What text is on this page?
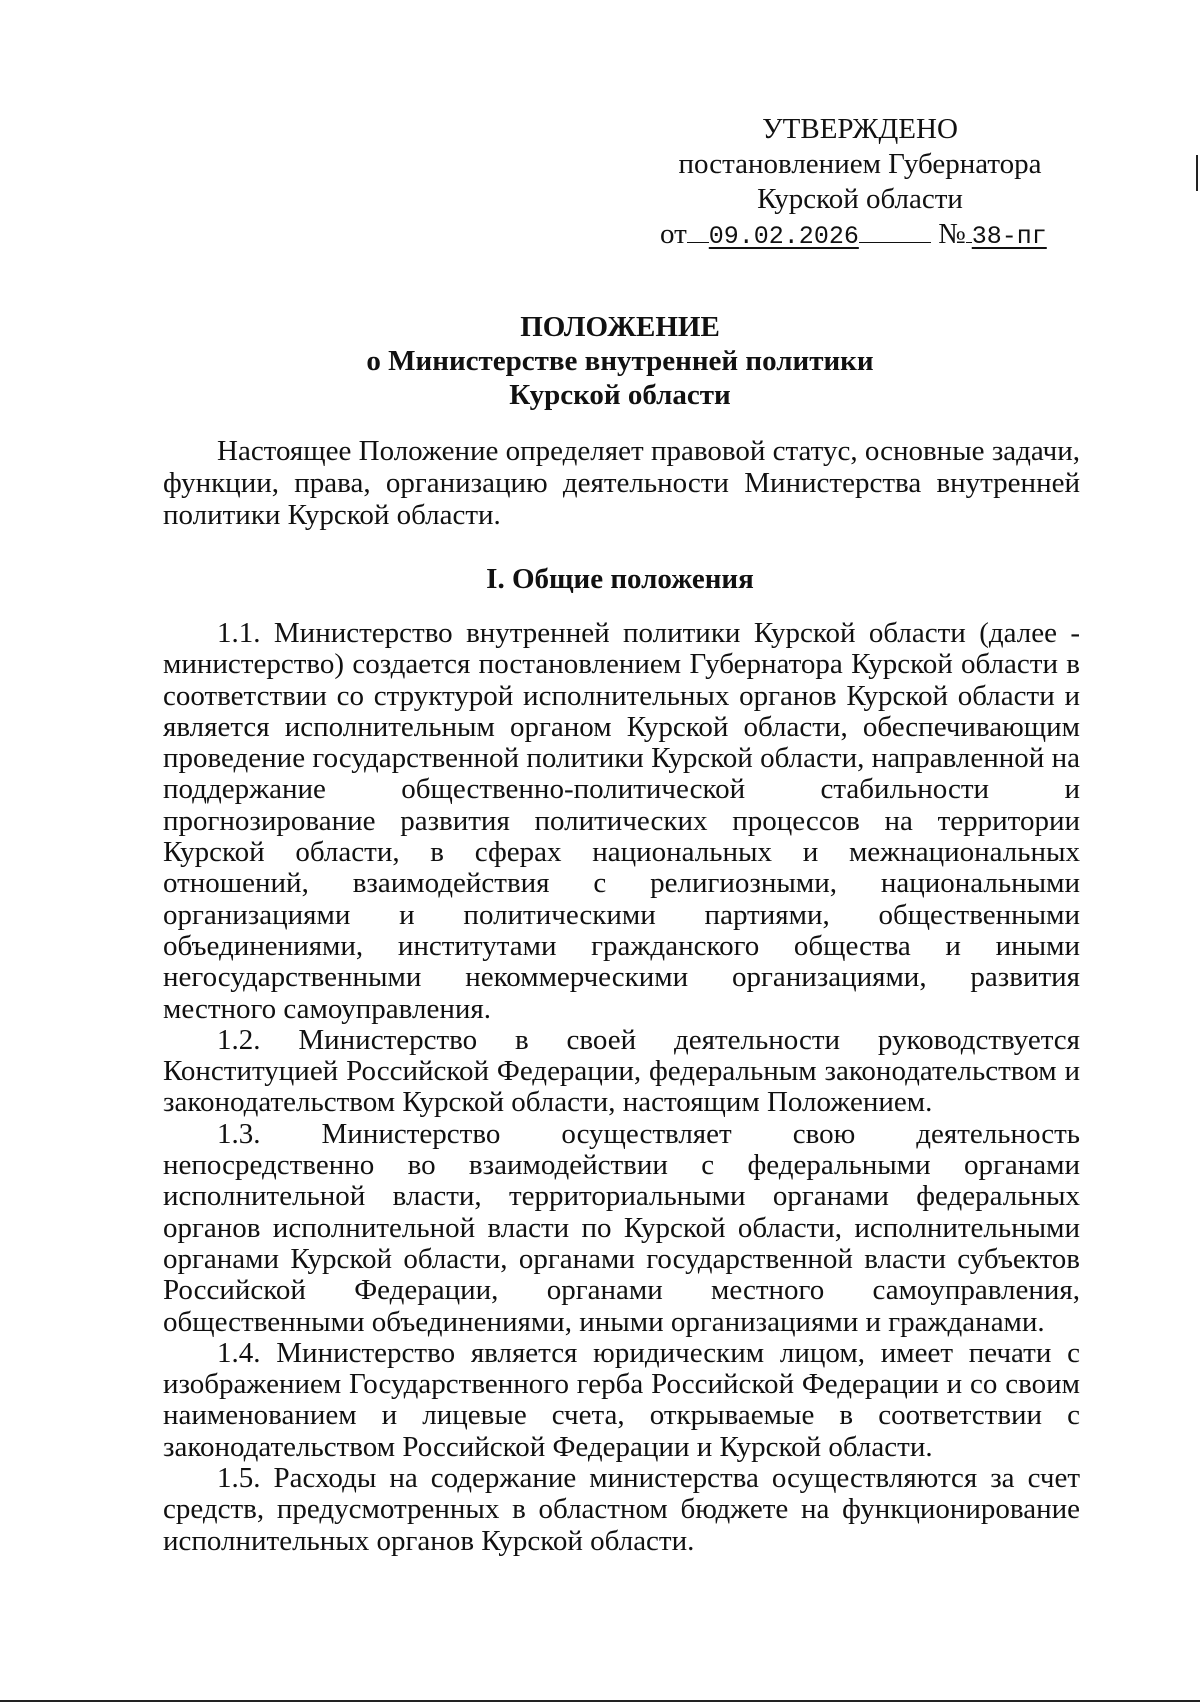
УТВЕРЖДЕНО
постановлением Губернатора
Курской области
от 09.02.2026	№ 38-пг
ПОЛОЖЕНИЕ
о Министерстве внутренней политики
Курской области

Настоящее Положение определяет правовой статус, основные задачи, функции, права, организацию деятельности Министерства внутренней политики Курской области.

I. Общие положения

1.1. Министерство внутренней политики Курской области (далее - министерство) создается постановлением Губернатора Курской области в соответствии со структурой исполнительных органов Курской области и является исполнительным органом Курской области, обеспечивающим проведение государственной политики Курской области, направленной на поддержание общественно-политической стабильности и прогнозирование развития политических процессов на территории Курской области, в сферах национальных и межнациональных отношений, взаимодействия с религиозными, национальными организациями и политическими партиями, общественными объединениями, институтами гражданского общества и иными негосударственными некоммерческими организациями, развития местного самоуправления.

1.2. Министерство в своей деятельности руководствуется Конституцией Российской Федерации, федеральным законодательством и законодательством Курской области, настоящим Положением.

1.3. Министерство осуществляет свою деятельность непосредственно во взаимодействии с федеральными органами исполнительной власти, территориальными органами федеральных органов исполнительной власти по Курской области, исполнительными органами Курской области, органами государственной власти субъектов Российской Федерации, органами местного самоуправления, общественными объединениями, иными организациями и гражданами.

1.4. Министерство является юридическим лицом, имеет печати с изображением Государственного герба Российской Федерации и со своим наименованием и лицевые счета, открываемые в соответствии с законодательством Российской Федерации и Курской области.

1.5. Расходы на содержание министерства осуществляются за счет средств, предусмотренных в областном бюджете на функционирование исполнительных органов Курской области.
